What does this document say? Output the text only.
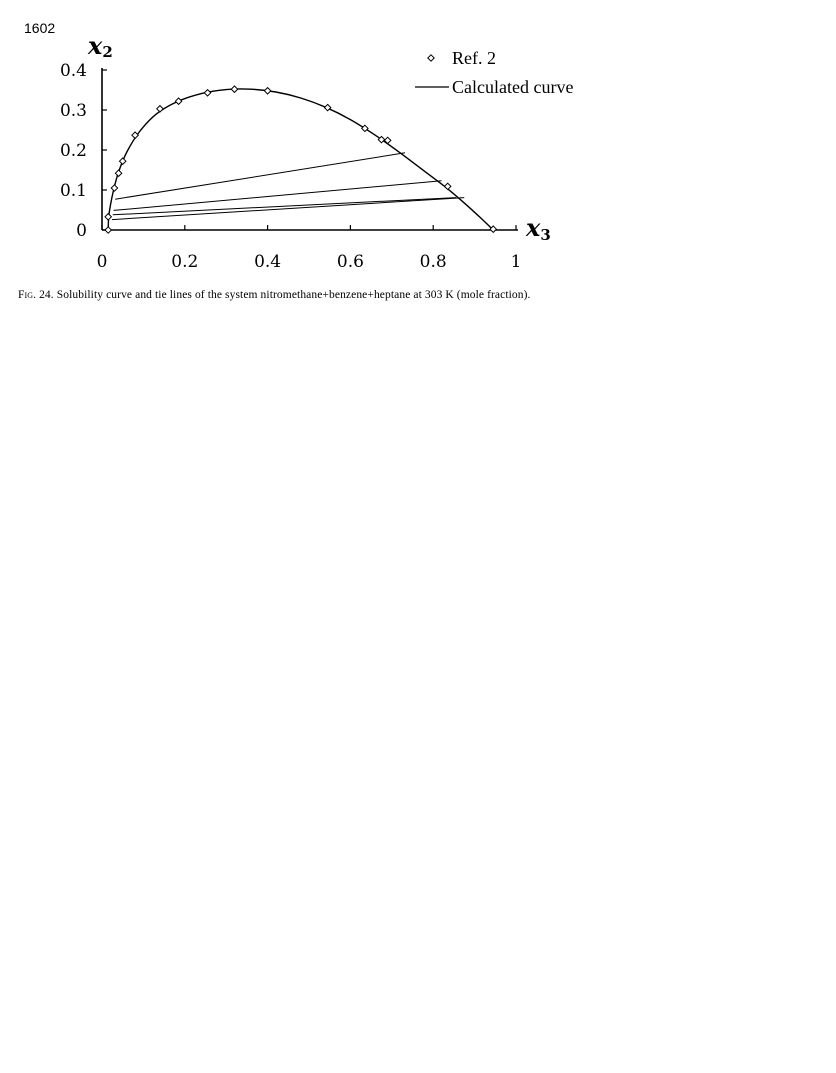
1602
0	0.2	0.4	0.6	0.8	1
0
0.1
0.2
0.3
0.4
x2
x3
Ref. 2
Calculated curve
Fig. 24. Solubility curve and tie lines of the system nitromethane+benzene+heptane at 303 K (mole fraction).
